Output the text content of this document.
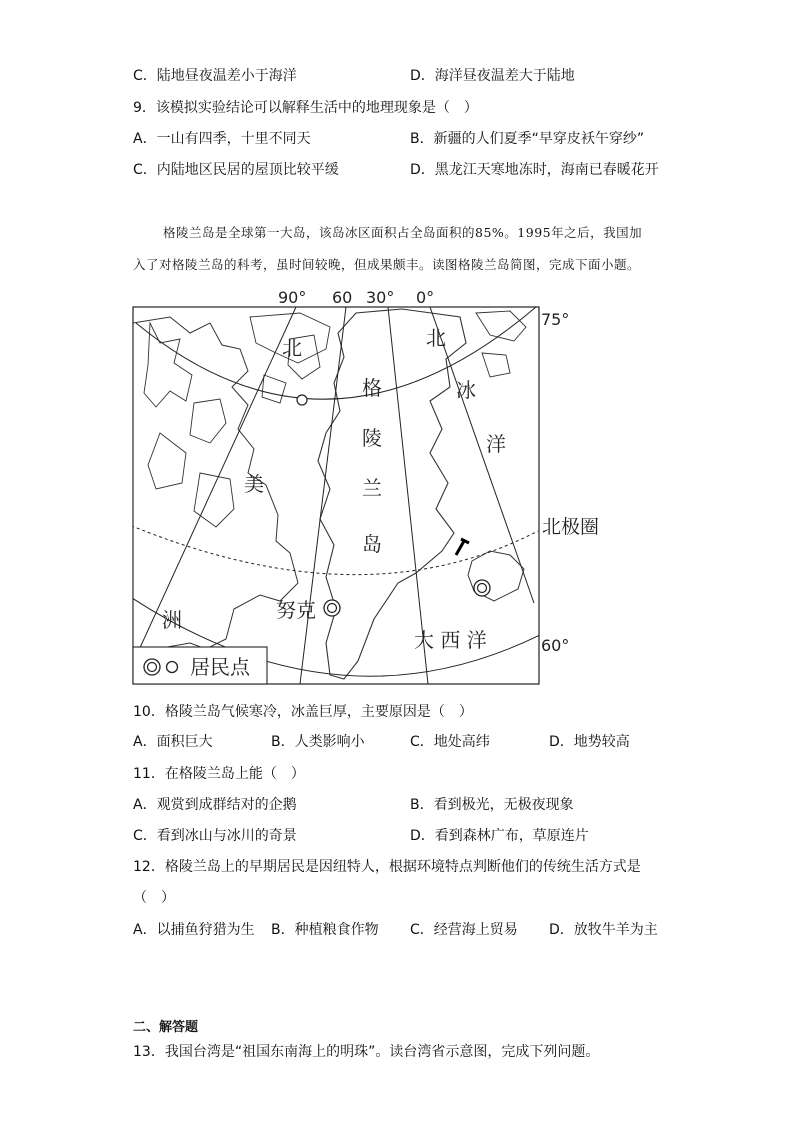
C．陆地昼夜温差小于海洋	D．海洋昼夜温差大于陆地
9．该模拟实验结论可以解释生活中的地理现象是（　）
A．一山有四季，十里不同天	B．新疆的人们夏季“早穿皮袄午穿纱”
C．内陆地区民居的屋顶比较平缓	D．黑龙江天寒地冻时，海南已春暖花开
格陵兰岛是全球第一大岛，该岛冰区面积占全岛面积的85%。1995年之后，我国加
入了对格陵兰岛的科考，虽时间较晚，但成果颇丰。读图格陵兰岛简图，完成下面小题。
90° 60 30° 0°
75°
60°
北极圈
北	北
冰
洋
格
陵
兰
岛
美
洲
大 西 洋
努克
居民点
10．格陵兰岛气候寒冷，冰盖巨厚，主要原因是（　）
A．面积巨大	B．人类影响小	C．地处高纬	D．地势较高
11．在格陵兰岛上能（　）
A．观赏到成群结对的企鹅	B．看到极光，无极夜现象
C．看到冰山与冰川的奇景	D．看到森林广布，草原连片
12．格陵兰岛上的早期居民是因纽特人，根据环境特点判断他们的传统生活方式是
（　）
A．以捕鱼狩猎为生 B．种植粮食作物 C．经营海上贸易 D．放牧牛羊为主
二、解答题
13．我国台湾是“祖国东南海上的明珠”。读台湾省示意图，完成下列问题。
